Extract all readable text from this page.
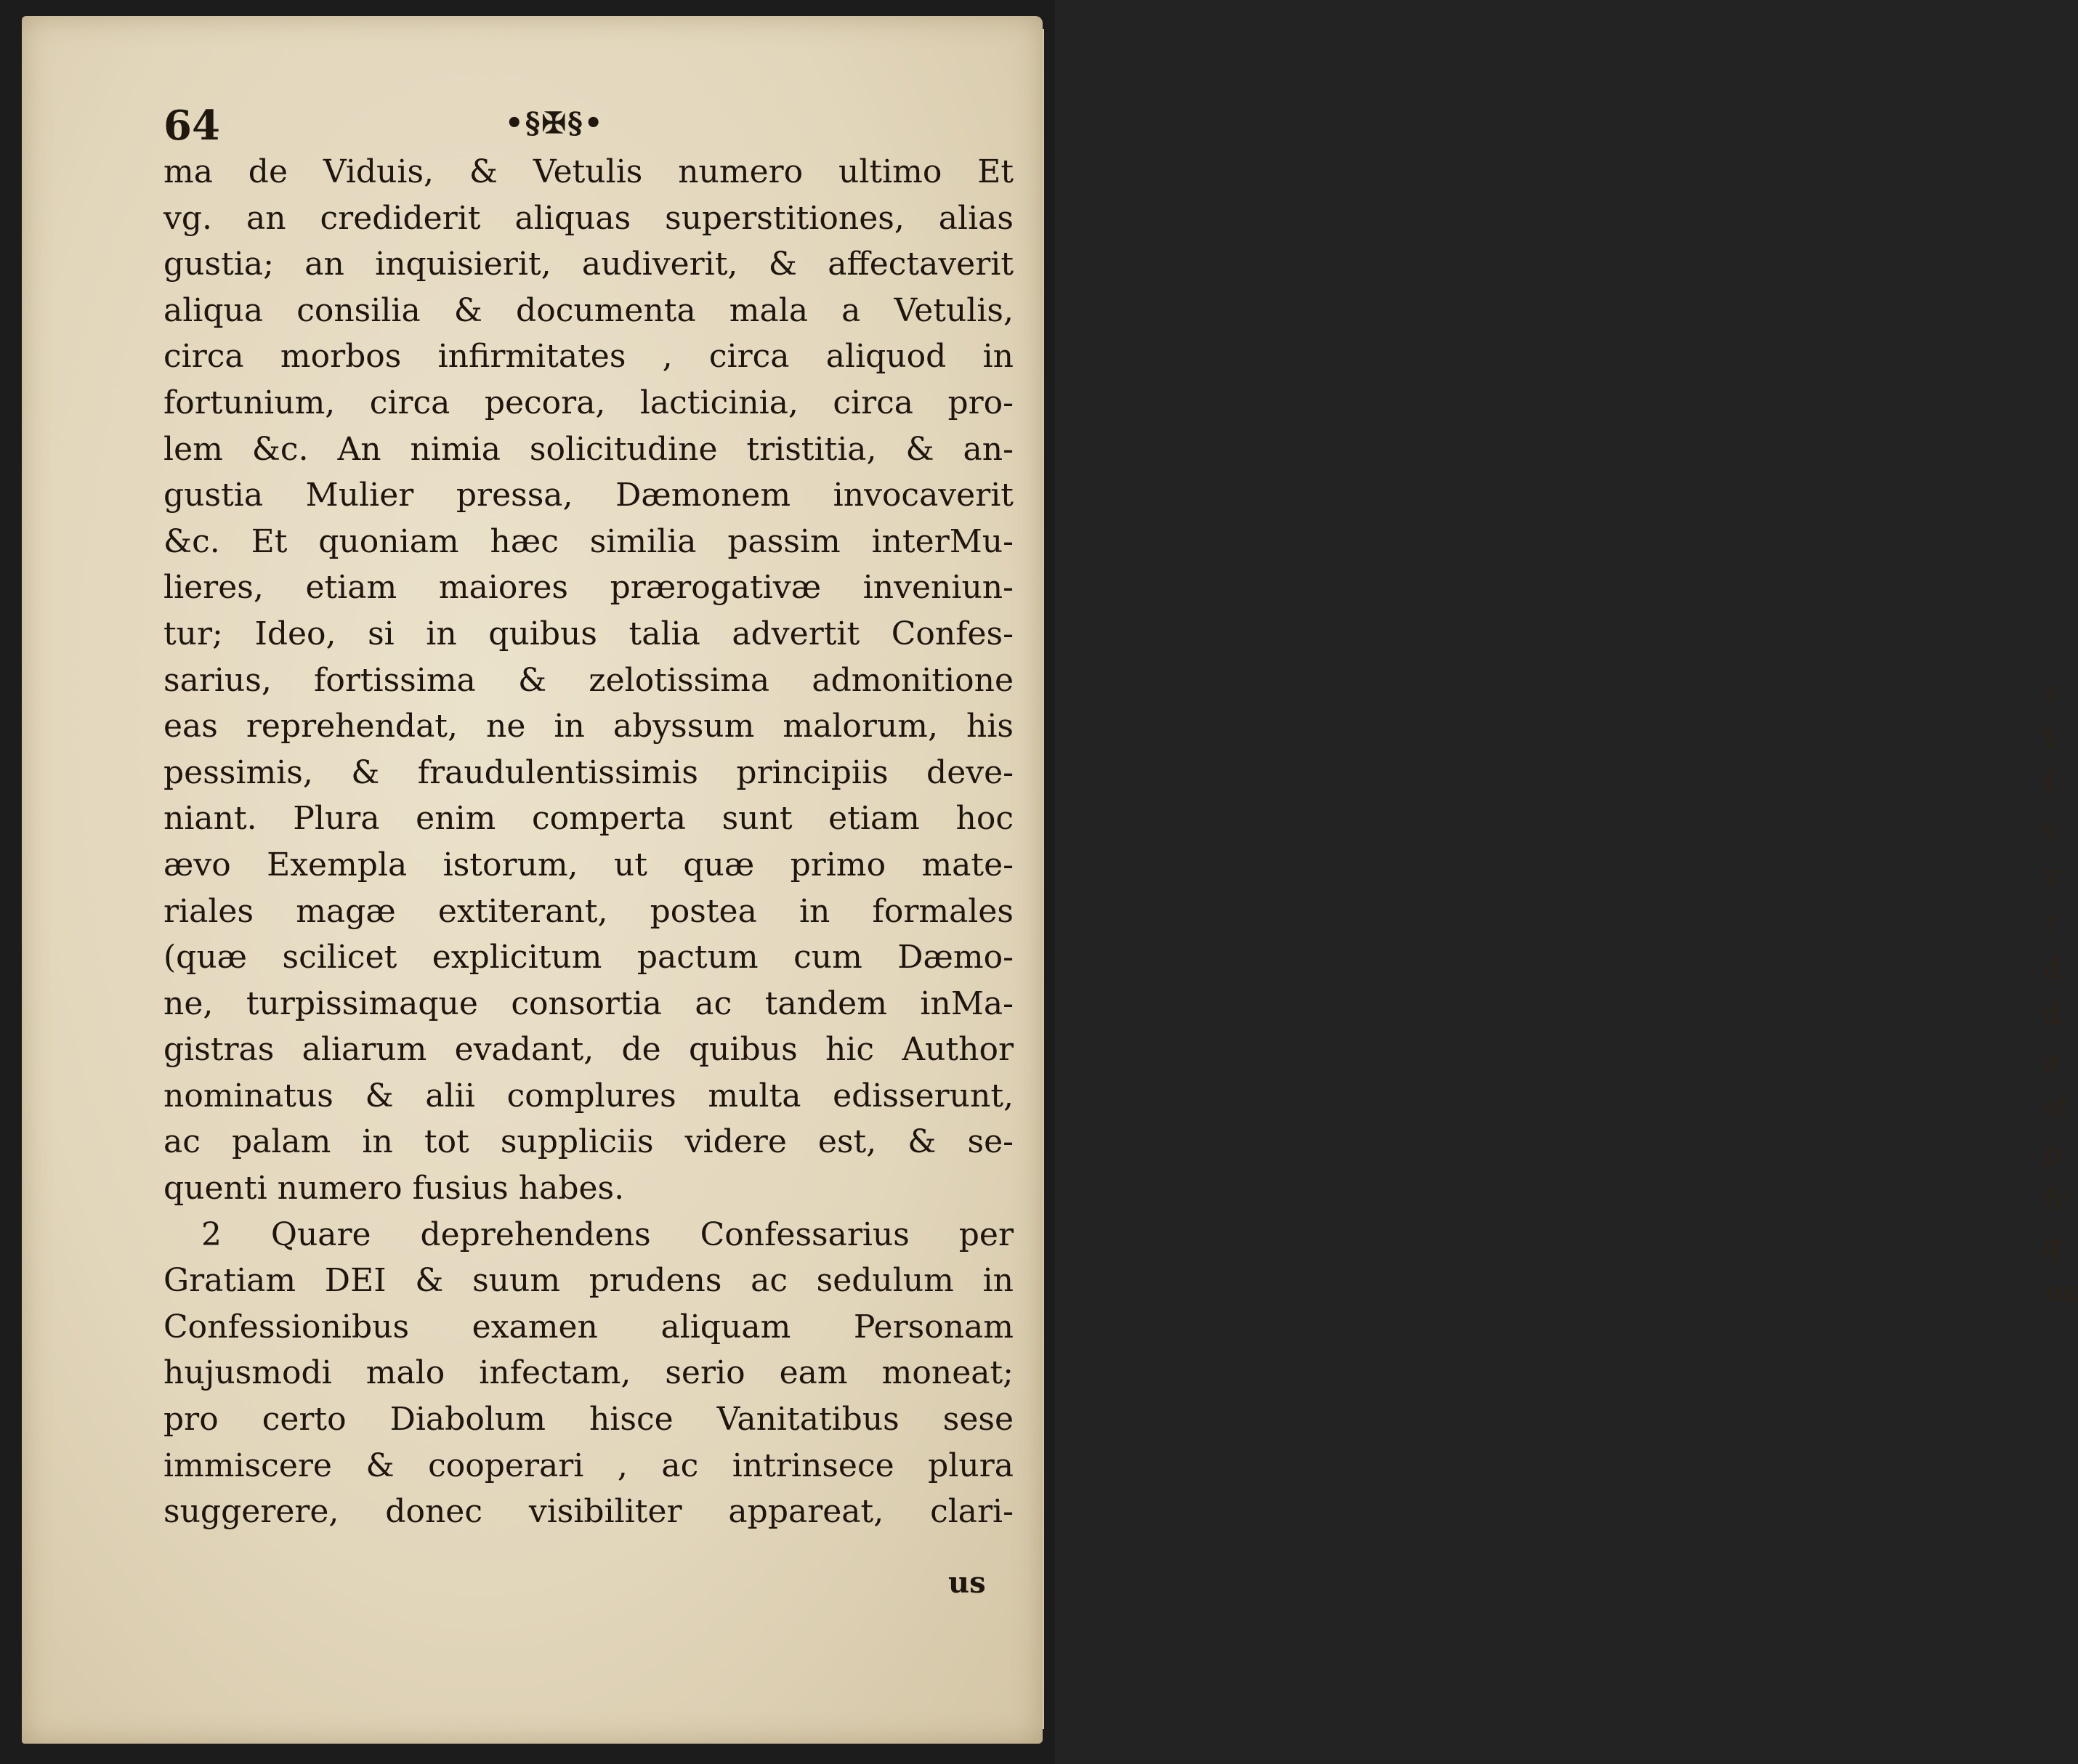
v
t
f
v
v
r
d
d
a
st
p
fc
q
na
64	•§✠§•
ma de Viduis, & Vetulis numero ultimo Et
vg. an crediderit aliquas superstitiones, alias
gustia; an inquisierit, audiverit, & affectaverit
aliqua consilia & documenta mala a Vetulis,
circa morbos infirmitates , circa aliquod in
fortunium, circa pecora, lacticinia, circa pro-
lem &c. An nimia solicitudine tristitia, & an-
gustia Mulier pressa, Dæmonem invocaverit
&c. Et quoniam hæc similia passim interMu-
lieres, etiam maiores prærogativæ inveniun-
tur; Ideo, si in quibus talia advertit Confes-
sarius, fortissima & zelotissima admonitione
eas reprehendat, ne in abyssum malorum, his
pessimis, & fraudulentissimis principiis deve-
niant. Plura enim comperta sunt etiam hoc
ævo Exempla istorum, ut quæ primo mate-
riales magæ extiterant, postea in formales
(quæ scilicet explicitum pactum cum Dæmo-
ne, turpissimaque consortia ac tandem inMa-
gistras aliarum evadant, de quibus hic Author
nominatus & alii complures multa edisserunt,
ac palam in tot suppliciis videre est, & se-
quenti numero fusius habes.
2 Quare deprehendens Confessarius per
Gratiam DEI & suum prudens ac sedulum in
Confessionibus examen aliquam Personam
hujusmodi malo infectam, serio eam moneat;
pro certo Diabolum hisce Vanitatibus sese
immiscere & cooperari , ac intrinsece plura
suggerere, donec visibiliter appareat, clari-
us
